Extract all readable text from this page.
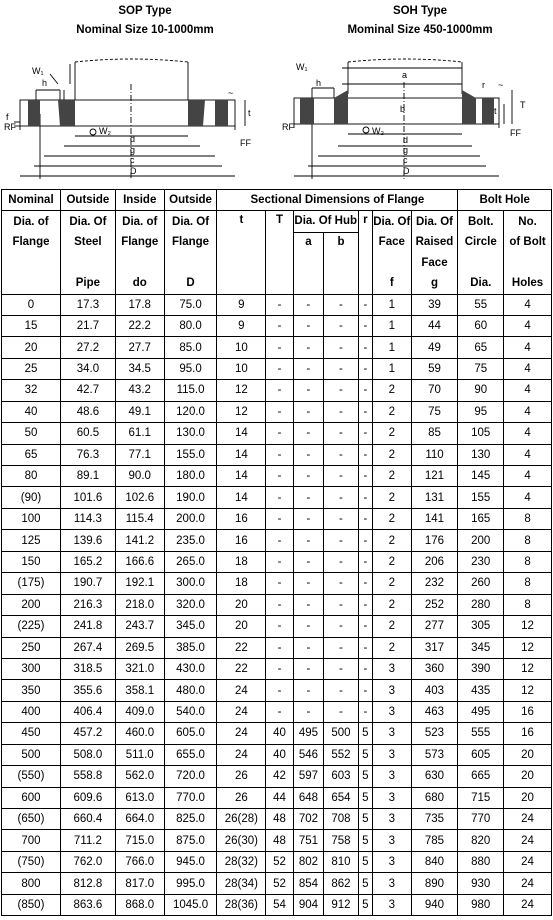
SOP Type
Nominal Size 10-1000mm
SOH Type
Mominal Size 450-1000mm
W₁
h
W₂
d
g
c
D
RF
f	t
FF
~
W₁
h
a
b
W₂
d
g
c
D
RF
FF
t
T
r ~
Nominal	Outside	Inside	Outside	Sectional Dimensions of Flange							Bolt Hole	
Dia. of	Dia. Of	Dia. of	Dia. Of	t	T	Dia. Of Hub		r	Dia. Of	Dia. Of	Bolt.	No.
Flange	Steel	Flange	Flange			a	b		Face	Raised	Circle	of Bolt
										Face		
	Pipe	do	D						f	g	Dia.	Holes
0	17.3	17.8	75.0	9	-	-	-	-	1	39	55	4
15	21.7	22.2	80.0	9	-	-	-	-	1	44	60	4
20	27.2	27.7	85.0	10	-	-	-	-	1	49	65	4
25	34.0	34.5	95.0	10	-	-	-	-	1	59	75	4
32	42.7	43.2	115.0	12	-	-	-	-	2	70	90	4
40	48.6	49.1	120.0	12	-	-	-	-	2	75	95	4
50	60.5	61.1	130.0	14	-	-	-	-	2	85	105	4
65	76.3	77.1	155.0	14	-	-	-	-	2	110	130	4
80	89.1	90.0	180.0	14	-	-	-	-	2	121	145	4
(90)	101.6	102.6	190.0	14	-	-	-	-	2	131	155	4
100	114.3	115.4	200.0	16	-	-	-	-	2	141	165	8
125	139.6	141.2	235.0	16	-	-	-	-	2	176	200	8
150	165.2	166.6	265.0	18	-	-	-	-	2	206	230	8
(175)	190.7	192.1	300.0	18	-	-	-	-	2	232	260	8
200	216.3	218.0	320.0	20	-	-	-	-	2	252	280	8
(225)	241.8	243.7	345.0	20	-	-	-	-	2	277	305	12
250	267.4	269.5	385.0	22	-	-	-	-	2	317	345	12
300	318.5	321.0	430.0	22	-	-	-	-	3	360	390	12
350	355.6	358.1	480.0	24	-	-	-	-	3	403	435	12
400	406.4	409.0	540.0	24	-	-	-	-	3	463	495	16
450	457.2	460.0	605.0	24	40	495	500	5	3	523	555	16
500	508.0	511.0	655.0	24	40	546	552	5	3	573	605	20
(550)	558.8	562.0	720.0	26	42	597	603	5	3	630	665	20
600	609.6	613.0	770.0	26	44	648	654	5	3	680	715	20
(650)	660.4	664.0	825.0	26(28)	48	702	708	5	3	735	770	24
700	711.2	715.0	875.0	26(30)	48	751	758	5	3	785	820	24
(750)	762.0	766.0	945.0	28(32)	52	802	810	5	3	840	880	24
800	812.8	817.0	995.0	28(34)	52	854	862	5	3	890	930	24
(850)	863.6	868.0	1045.0	28(36)	54	904	912	5	3	940	980	24
